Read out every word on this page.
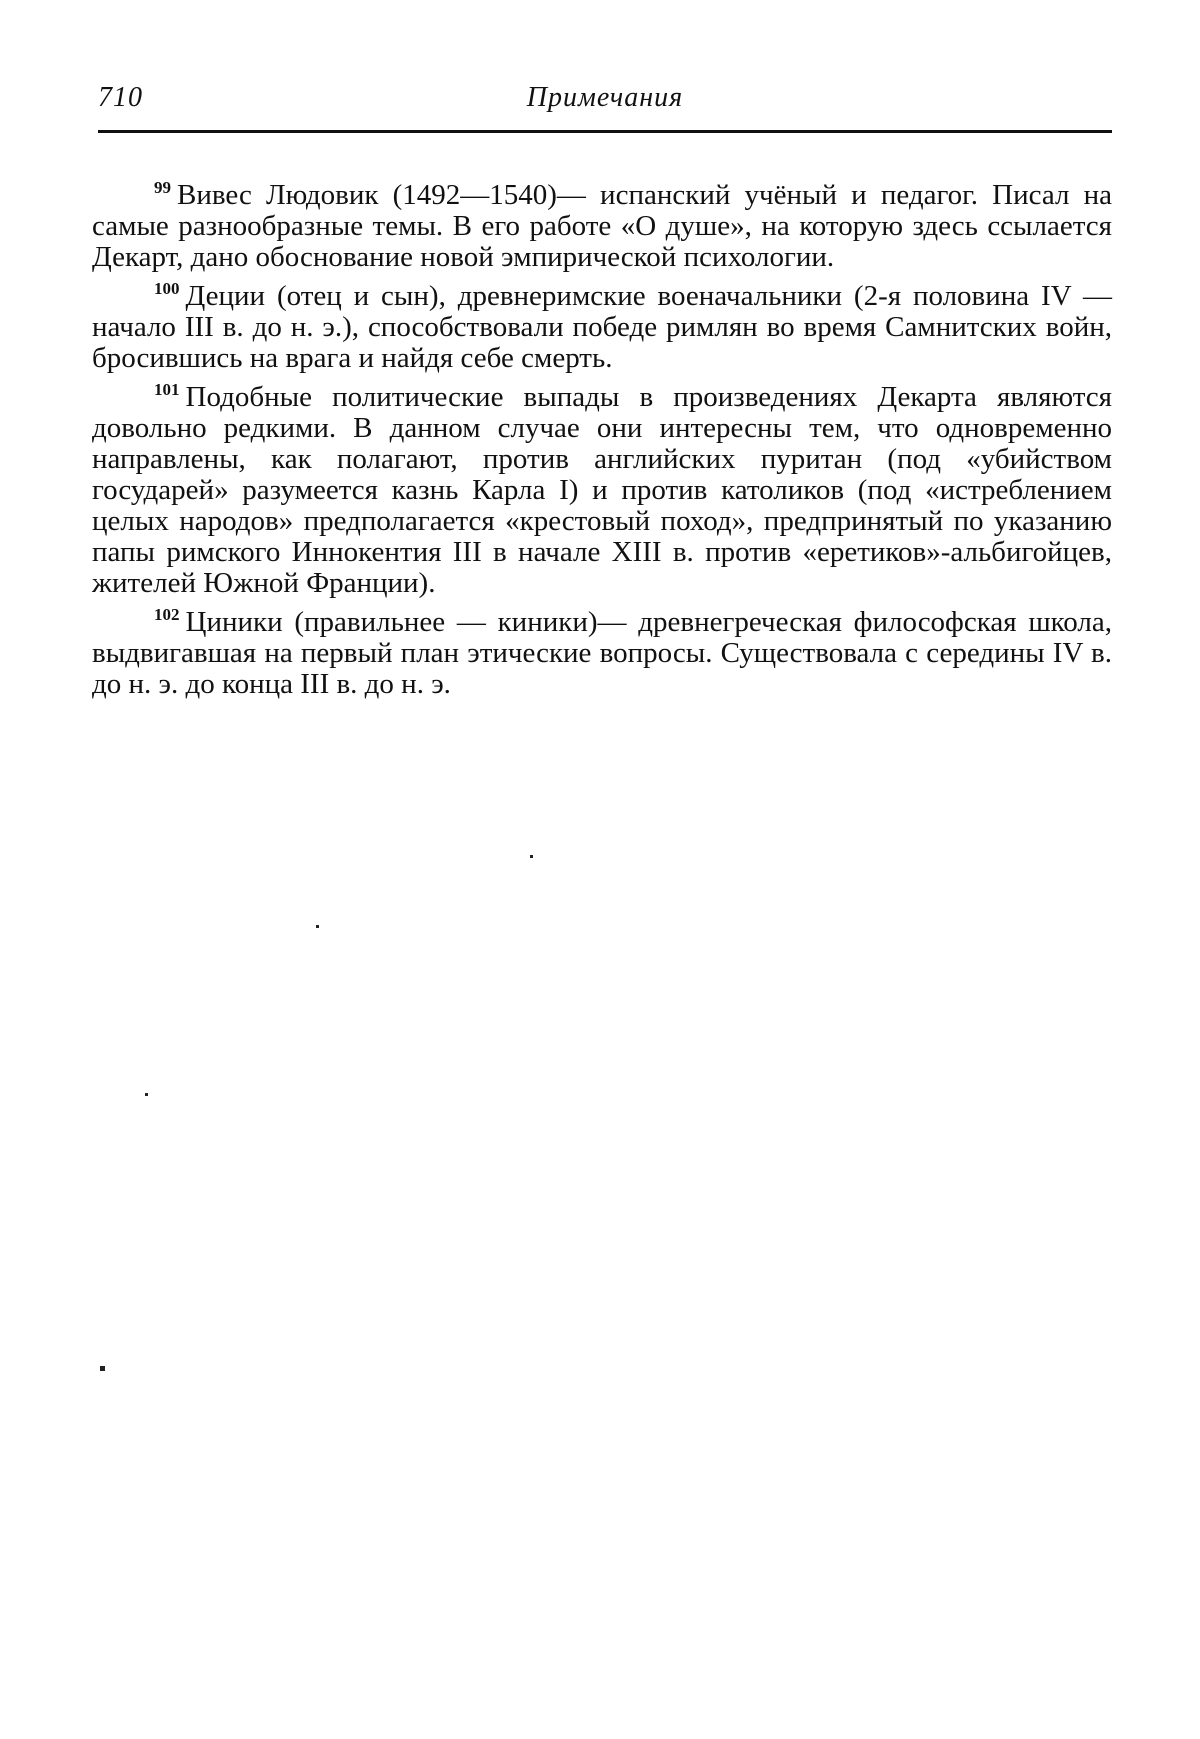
710	Примечания

$^{99}$ Вивес Людовик (1492—1540)— испанский учёный и педагог. Писал на самые разнообразные темы. В его работе «О душе», на которую здесь ссылается Декарт, дано обоснование новой эмпирической психологии.

$^{100}$ Деции (отец и сын), древнеримские военачальники (2-я половина IV — начало III в. до н. э.), способствовали победе римлян во время Самнитских войн, бросившись на врага и найдя себе смерть.

$^{101}$ Подобные политические выпады в произведениях Декарта являются довольно редкими. В данном случае они интересны тем, что одновременно направлены, как полагают, против английских пуритан (под «убийством государей» разумеется казнь Карла I) и против католиков (под «истреблением целых народов» предполагается «крестовый поход», предпринятый по указанию папы римского Иннокентия III в начале XIII в. против «еретиков»-альбигойцев, жителей Южной Франции).

$^{102}$ Циники (правильнее — киники)— древнегреческая философская школа, выдвигавшая на первый план этические вопросы. Существовала с середины IV в. до н. э. до конца III в. до н. э.
